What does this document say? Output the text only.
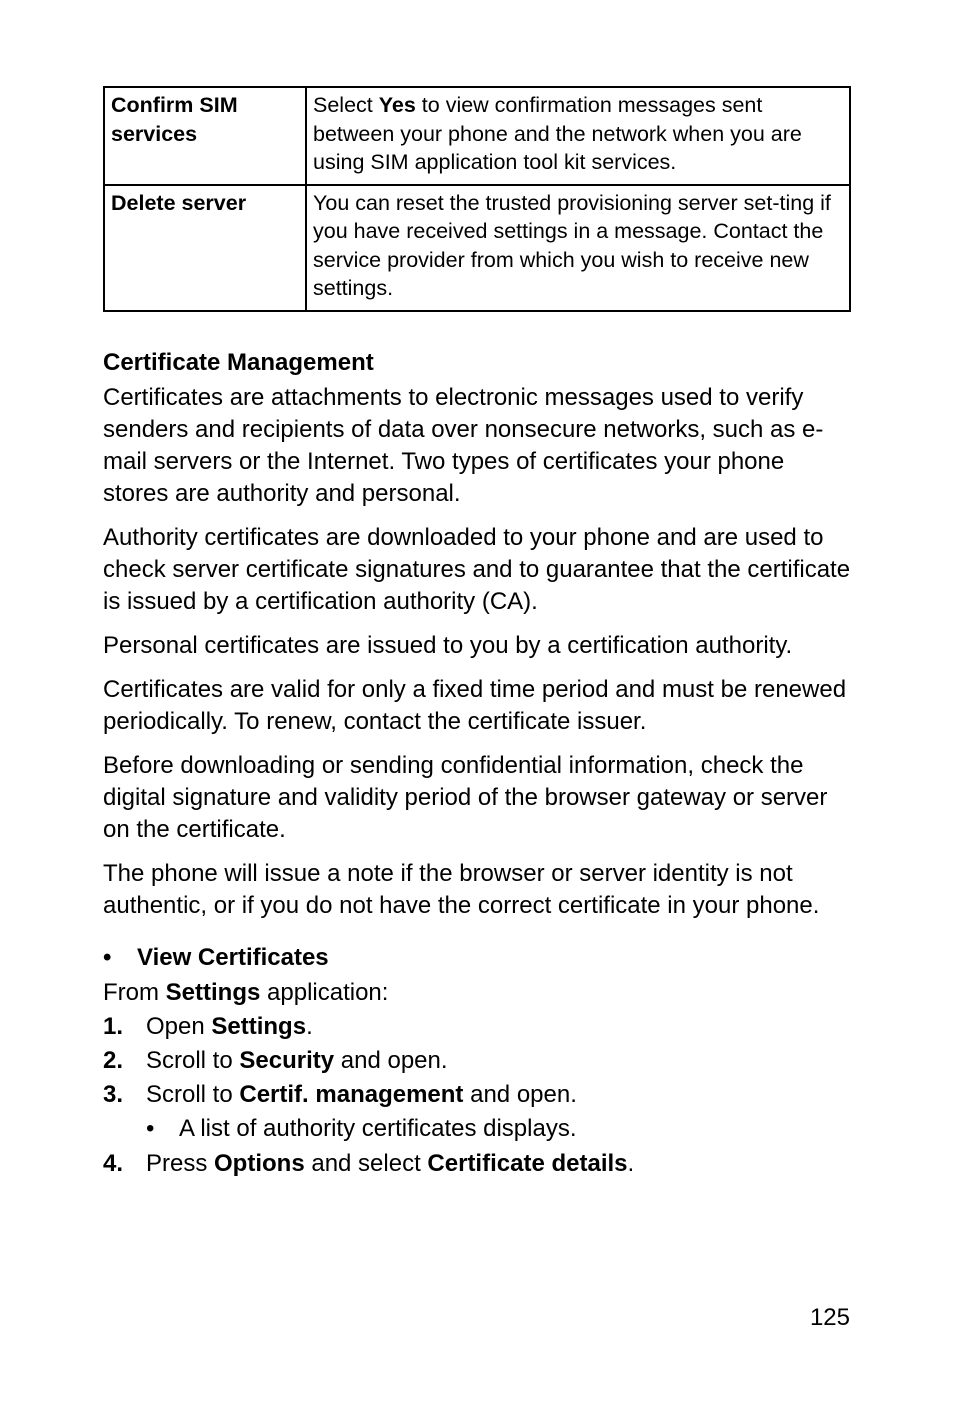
Confirm SIM services	Select Yes to view confirmation messages sent between your phone and the network when you are using SIM application tool kit services.
Delete server	You can reset the trusted provisioning server set-ting if you have received settings in a message. Contact the service provider from which you wish to receive new settings.
Certificate Management

Certificates are attachments to electronic messages used to verify senders and recipients of data over nonsecure networks, such as e-mail servers or the Internet. Two types of certificates your phone stores are authority and personal.

Authority certificates are downloaded to your phone and are used to check server certificate signatures and to guarantee that the certificate is issued by a certification authority (CA).

Personal certificates are issued to you by a certification authority.

Certificates are valid for only a fixed time period and must be renewed periodically. To renew, contact the certificate issuer.

Before downloading or sending confidential information, check the digital signature and validity period of the browser gateway or server on the certificate.

The phone will issue a note if the browser or server identity is not authentic, or if you do not have the correct certificate in your phone.

•	View Certificates
From Settings application:
1. Open Settings.
2. Scroll to Security and open.
3. Scroll to Certif. management and open.
•	A list of authority certificates displays.
4. Press Options and select Certificate details.
125
